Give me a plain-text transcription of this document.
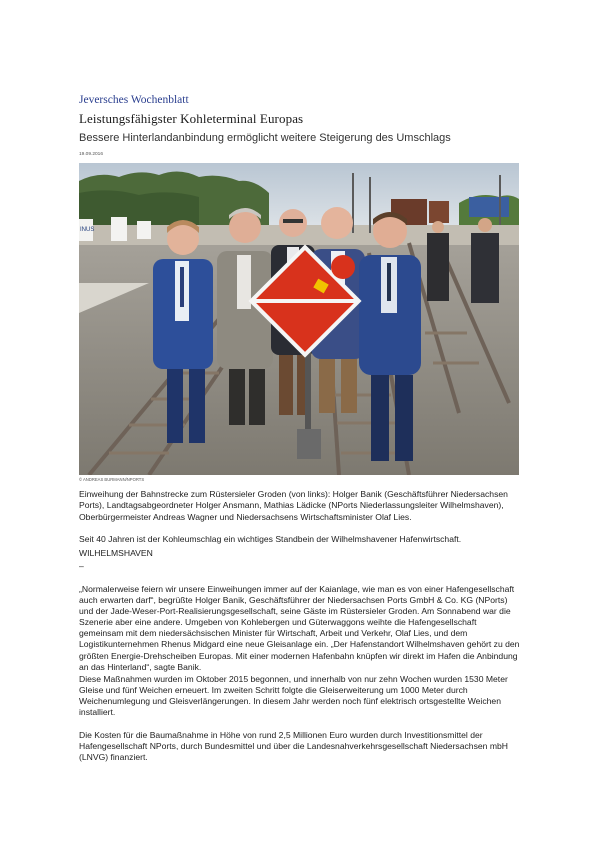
Jeversches Wochenblatt
Leistungsfähigster Kohleterminal Europas
Bessere Hinterlandanbindung ermöglicht weitere Steigerung des Umschlags
19.09.2016
INUS
© ANDREAS BURMANN/NPORTS
Einweihung der Bahnstrecke zum Rüstersieler Groden (von links): Holger Banik (Geschäftsführer Niedersachsen Ports), Landtagsabgeordneter Holger Ansmann, Mathias Lädicke (NPorts Niederlassungsleiter Wilhelmshaven), Oberbürgermeister Andreas Wagner und Niedersachsens Wirtschaftsminister Olaf Lies.
Seit 40 Jahren ist der Kohleumschlag ein wichtiges Standbein der Wilhelmshavener Hafenwirtschaft.
WILHELMSHAVEN
–
„Normalerweise feiern wir unsere Einweihungen immer auf der Kaianlage, wie man es von einer Hafengesellschaft auch erwarten darf“, begrüßte Holger Banik, Geschäftsführer der Niedersachsen Ports GmbH & Co. KG (NPorts) und der Jade-Weser-Port-Realisierungsgesellschaft, seine Gäste im Rüstersieler Groden. Am Sonnabend war die Szenerie aber eine andere. Umgeben von Kohlebergen und Güterwaggons weihte die Hafengesellschaft gemeinsam mit dem niedersächsischen Minister für Wirtschaft, Arbeit und Verkehr, Olaf Lies, und dem Logistikunternehmen Rhenus Midgard eine neue Gleisanlage ein. „Der Hafenstandort Wilhelmshaven gehört zu den größten Energie-Drehscheiben Europas. Mit einer modernen Hafenbahn knüpfen wir direkt im Hafen die Anbindung an das Hinterland“, sagte Banik.
Diese Maßnahmen wurden im Oktober 2015 begonnen, und innerhalb von nur zehn Wochen wurden 1530 Meter Gleise und fünf Weichen erneuert. Im zweiten Schritt folgte die Gleiserweiterung um 1000 Meter durch Weichenumlegung und Gleisverlängerungen. In diesem Jahr werden noch fünf elektrisch ortsgestellte Weichen installiert.
Die Kosten für die Baumaßnahme in Höhe von rund 2,5 Millionen Euro wurden durch Investitionsmittel der Hafengesellschaft NPorts, durch Bundesmittel und über die Landesnahverkehrsgesellschaft Niedersachsen mbH (LNVG) finanziert.
